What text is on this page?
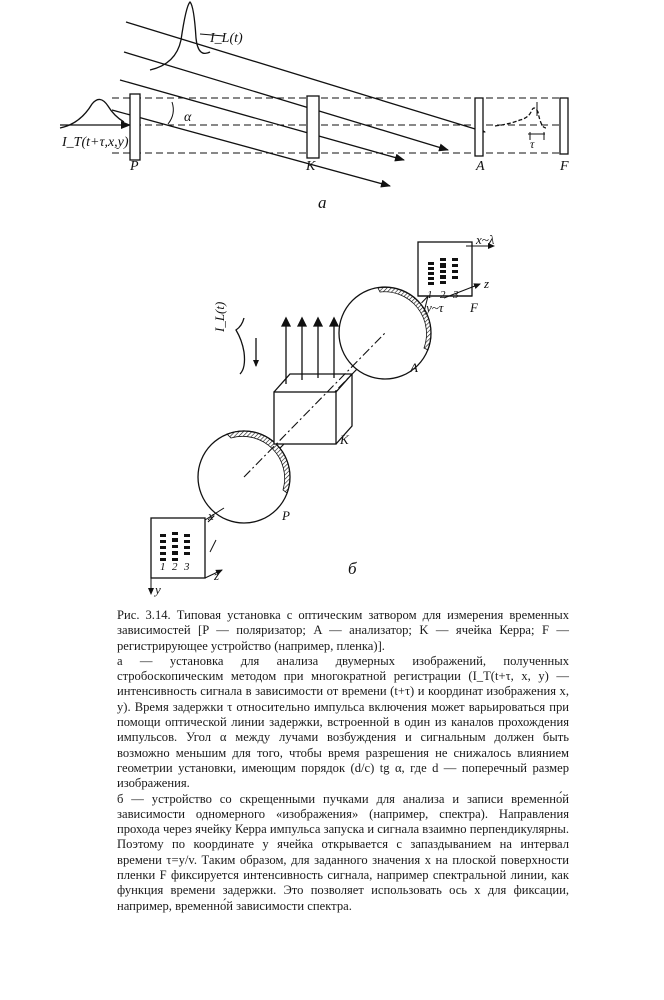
I_L(t)
I_T(t+τ,x,y)
α
τ
P	K	A	F
a
I_L(t)
x~λ
z
y~τ F
1 2 3
A
K
P
x
z
y
1 2 3	б

Рис. 3.14. Типовая установка с оптическим затвором для измерения временных зависимостей [P — поляризатор; A — анализатор; K — ячейка Керра; F — регистрирующее устройство (например, пленка)].

a — установка для анализа двумерных изображений, полученных стробоскопическим методом при многократной регистрации (I_T(t+τ, x, y) — интенсивность сигнала в зависимости от времени (t+τ) и координат изображения x, y). Время задержки τ относительно импульса включения может варьироваться при помощи оптической линии задержки, встроенной в один из каналов прохождения импульсов. Угол α между лучами возбуждения и сигнальным должен быть возможно меньшим для того, чтобы время разрешения не снижалось влиянием геометрии установки, имеющим порядок (d/c) tg α, где d — поперечный размер изображения.

б — устройство со скрещенными пучками для анализа и записи временно́й зависимости одномерного «изображения» (например, спектра). Направления прохода через ячейку Керра импульса запуска и сигнала взаимно перпендикулярны. Поэтому по координате y ячейка открывается с запаздыванием на интервал времени τ=y/v. Таким образом, для заданного значения x на плоской поверхности пленки F фиксируется интенсивность сигнала, например спектральной линии, как функция времени задержки. Это позволяет использовать ось x для фиксации, например, временно́й зависимости спектра.
